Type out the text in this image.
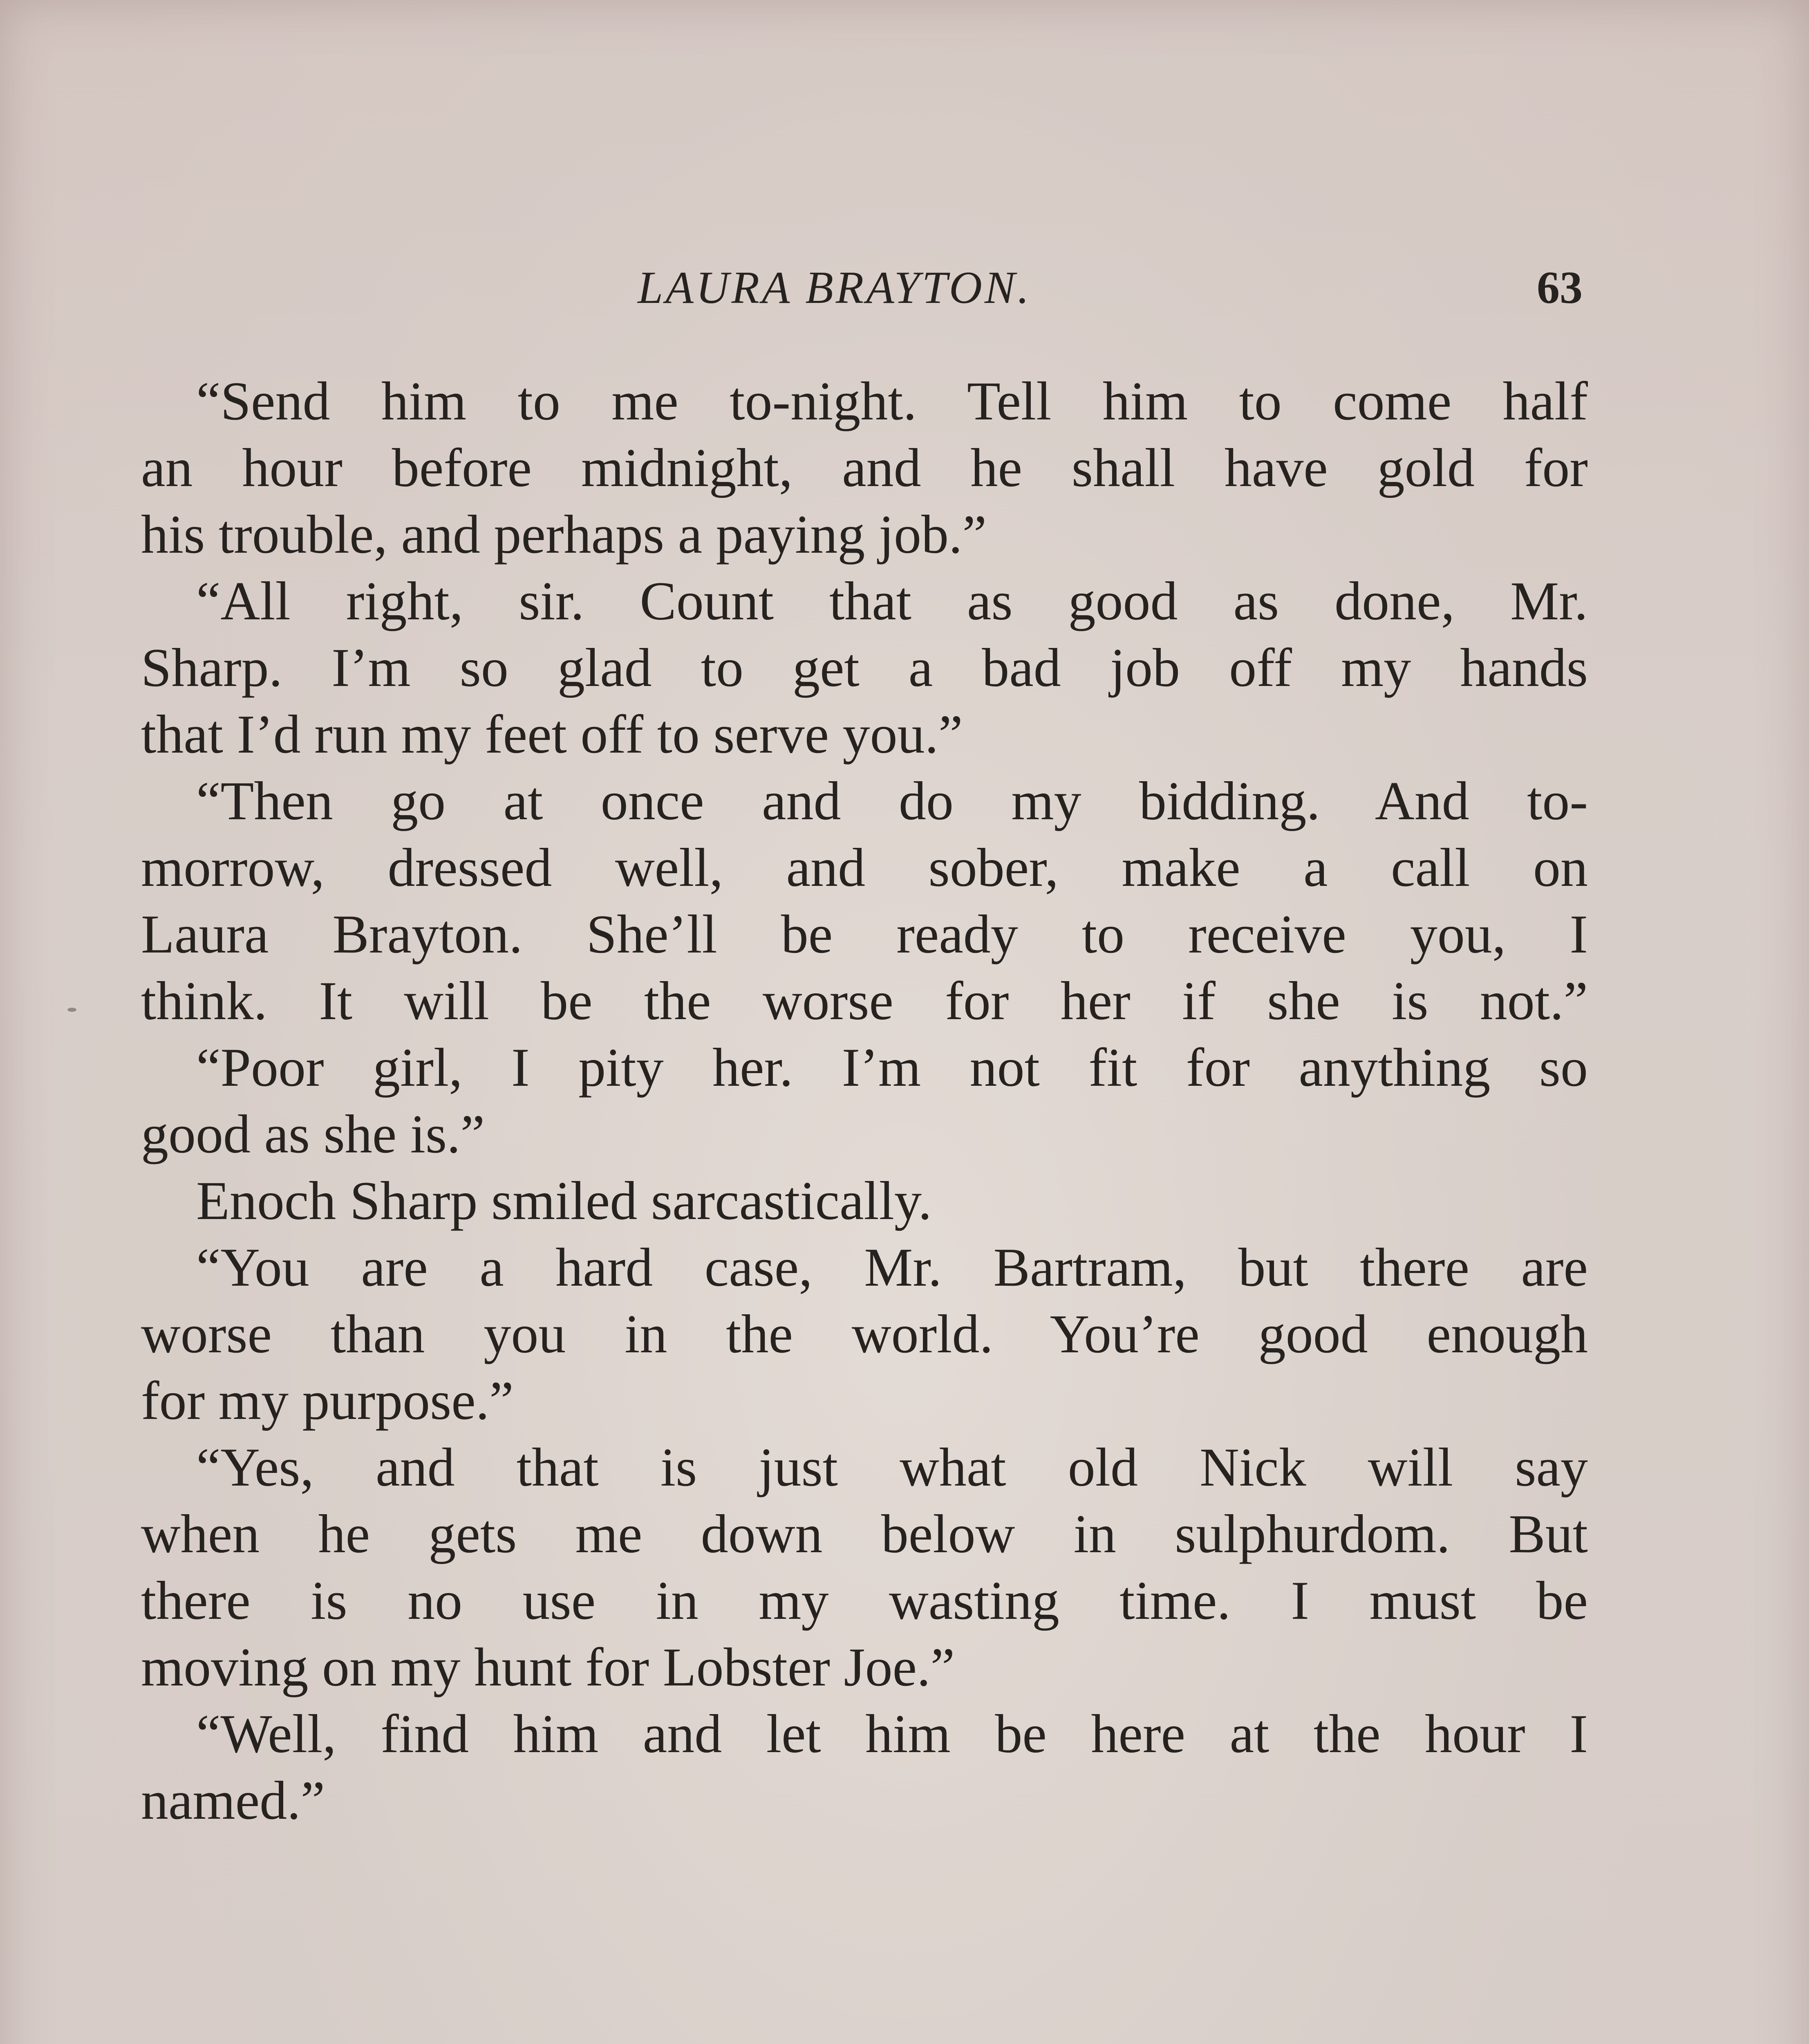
LAURA BRAYTON.	63
“Send him to me to-night. Tell him to come half
an hour before midnight, and he shall have gold for
his trouble, and perhaps a paying job.”
“All right, sir. Count that as good as done, Mr.
Sharp. I’m so glad to get a bad job off my hands
that I’d run my feet off to serve you.”
“Then go at once and do my bidding. And to-
morrow, dressed well, and sober, make a call on
Laura Brayton. She’ll be ready to receive you, I
think. It will be the worse for her if she is not.”
“Poor girl, I pity her. I’m not fit for anything so
good as she is.”
Enoch Sharp smiled sarcastically.
“You are a hard case, Mr. Bartram, but there are
worse than you in the world. You’re good enough
for my purpose.”
“Yes, and that is just what old Nick will say
when he gets me down below in sulphurdom. But
there is no use in my wasting time. I must be
moving on my hunt for Lobster Joe.”
“Well, find him and let him be here at the hour I
named.”
